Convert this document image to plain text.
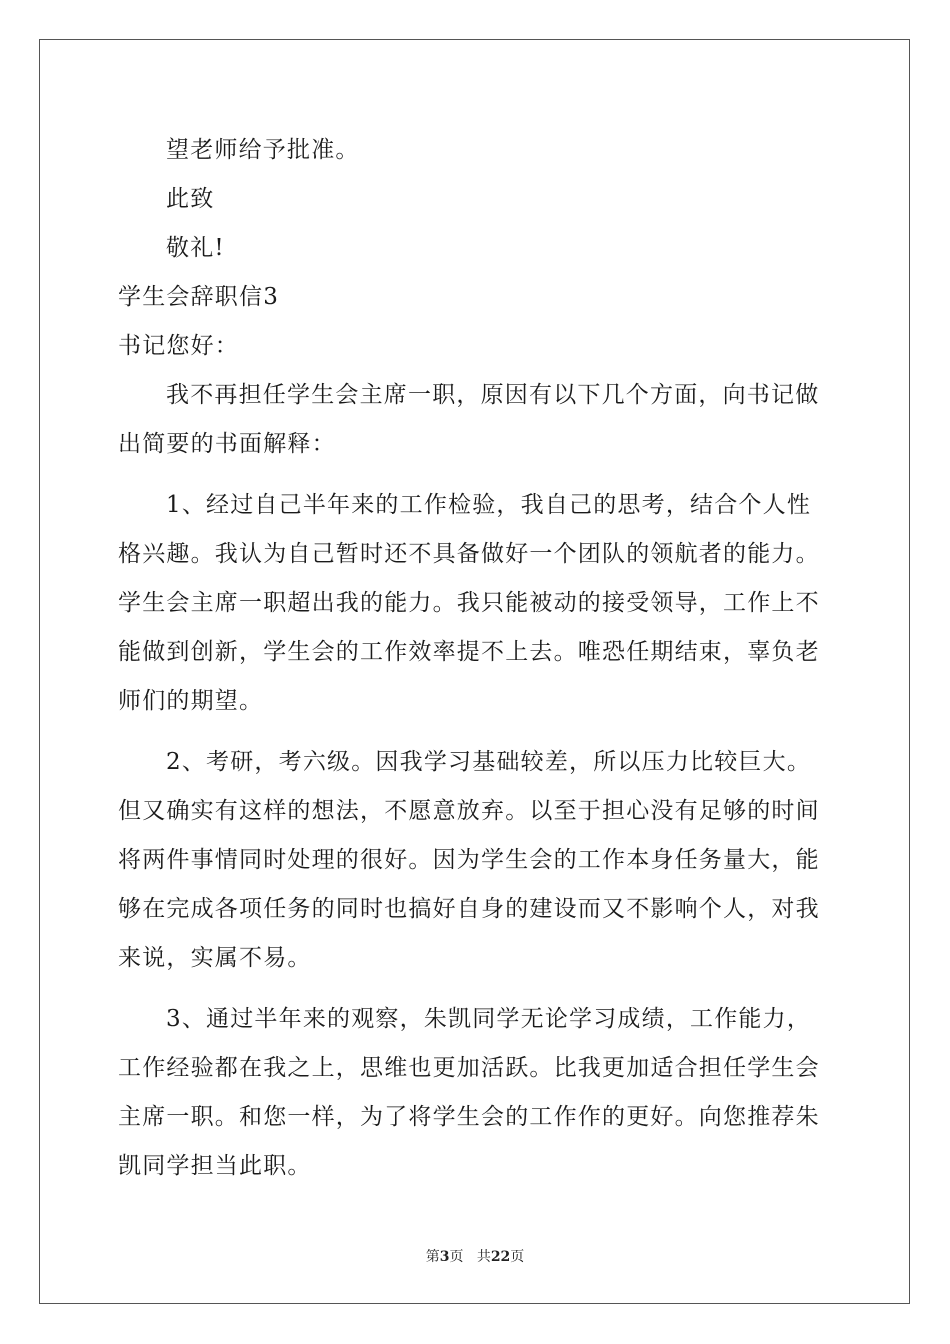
望老师给予批准。

此致

敬礼!

学生会辞职信3

书记您好：

我不再担任学生会主席一职，原因有以下几个方面，向书记做出简要的书面解释：

1、经过自己半年来的工作检验，我自己的思考，结合个人性格兴趣。我认为自己暂时还不具备做好一个团队的领航者的能力。学生会主席一职超出我的能力。我只能被动的接受领导，工作上不能做到创新，学生会的工作效率提不上去。唯恐任期结束，辜负老师们的期望。

2、考研，考六级。因我学习基础较差，所以压力比较巨大。但又确实有这样的想法，不愿意放弃。以至于担心没有足够的时间将两件事情同时处理的很好。因为学生会的工作本身任务量大，能够在完成各项任务的同时也搞好自身的建设而又不影响个人，对我来说，实属不易。

3、通过半年来的观察，朱凯同学无论学习成绩，工作能力，工作经验都在我之上，思维也更加活跃。比我更加适合担任学生会主席一职。和您一样，为了将学生会的工作作的更好。向您推荐朱凯同学担当此职。

第3页 共22页
